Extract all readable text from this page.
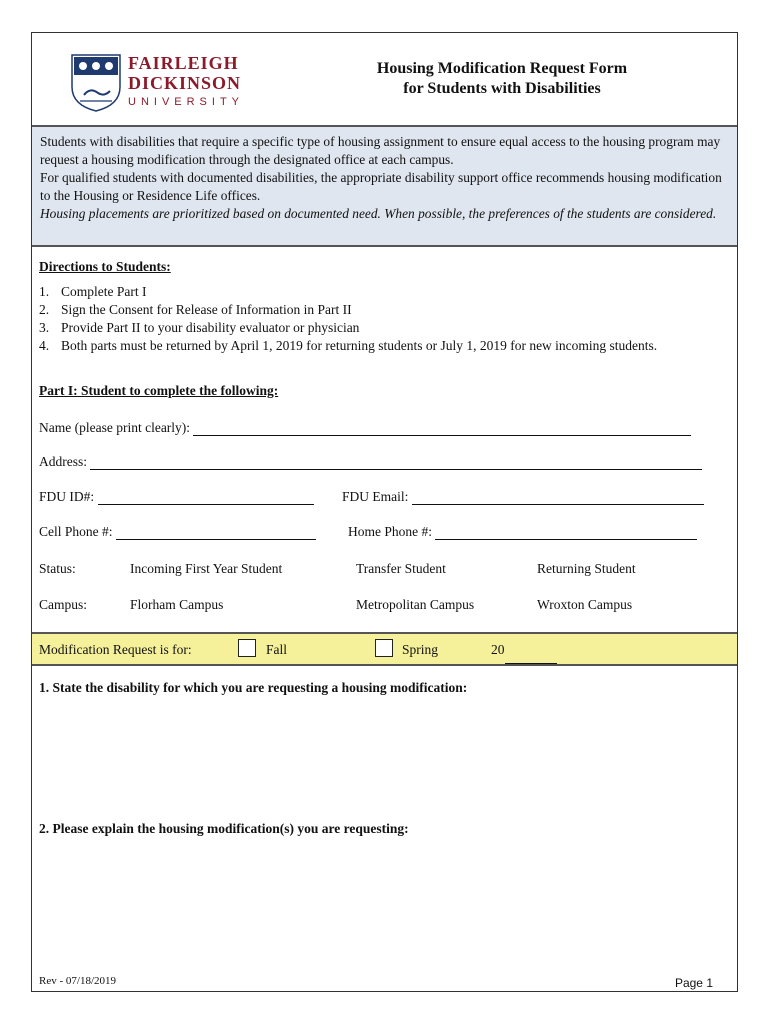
FAIRLEIGH
DICKINSON
UNIVERSITY
Housing Modification Request Form
for Students with Disabilities

Students with disabilities that require a specific type of housing assignment to ensure equal access to the housing program may request a housing modification through the designated office at each campus.

For qualified students with documented disabilities, the appropriate disability support office recommends housing modification to the Housing or Residence Life offices.

Housing placements are prioritized based on documented need. When possible, the preferences of the students are considered.

Directions to Students:
1. Complete Part I
2. Sign the Consent for Release of Information in Part II
3. Provide Part II to your disability evaluator or physician
4. Both parts must be returned by April 1, 2019 for returning students or July 1, 2019 for new incoming students.
Part I: Student to complete the following:
Name (please print clearly):
Address:
FDU ID#:	FDU Email:
Cell Phone #:	Home Phone #:
Status:	Incoming First Year Student	Transfer Student	Returning Student
Campus:	Florham Campus	Metropolitan Campus	Wroxton Campus
Modification Request is for:	Fall	Spring	20
1. State the disability for which you are requesting a housing modification:
2. Please explain the housing modification(s) you are requesting:
Rev - 07/18/2019	Page 1
